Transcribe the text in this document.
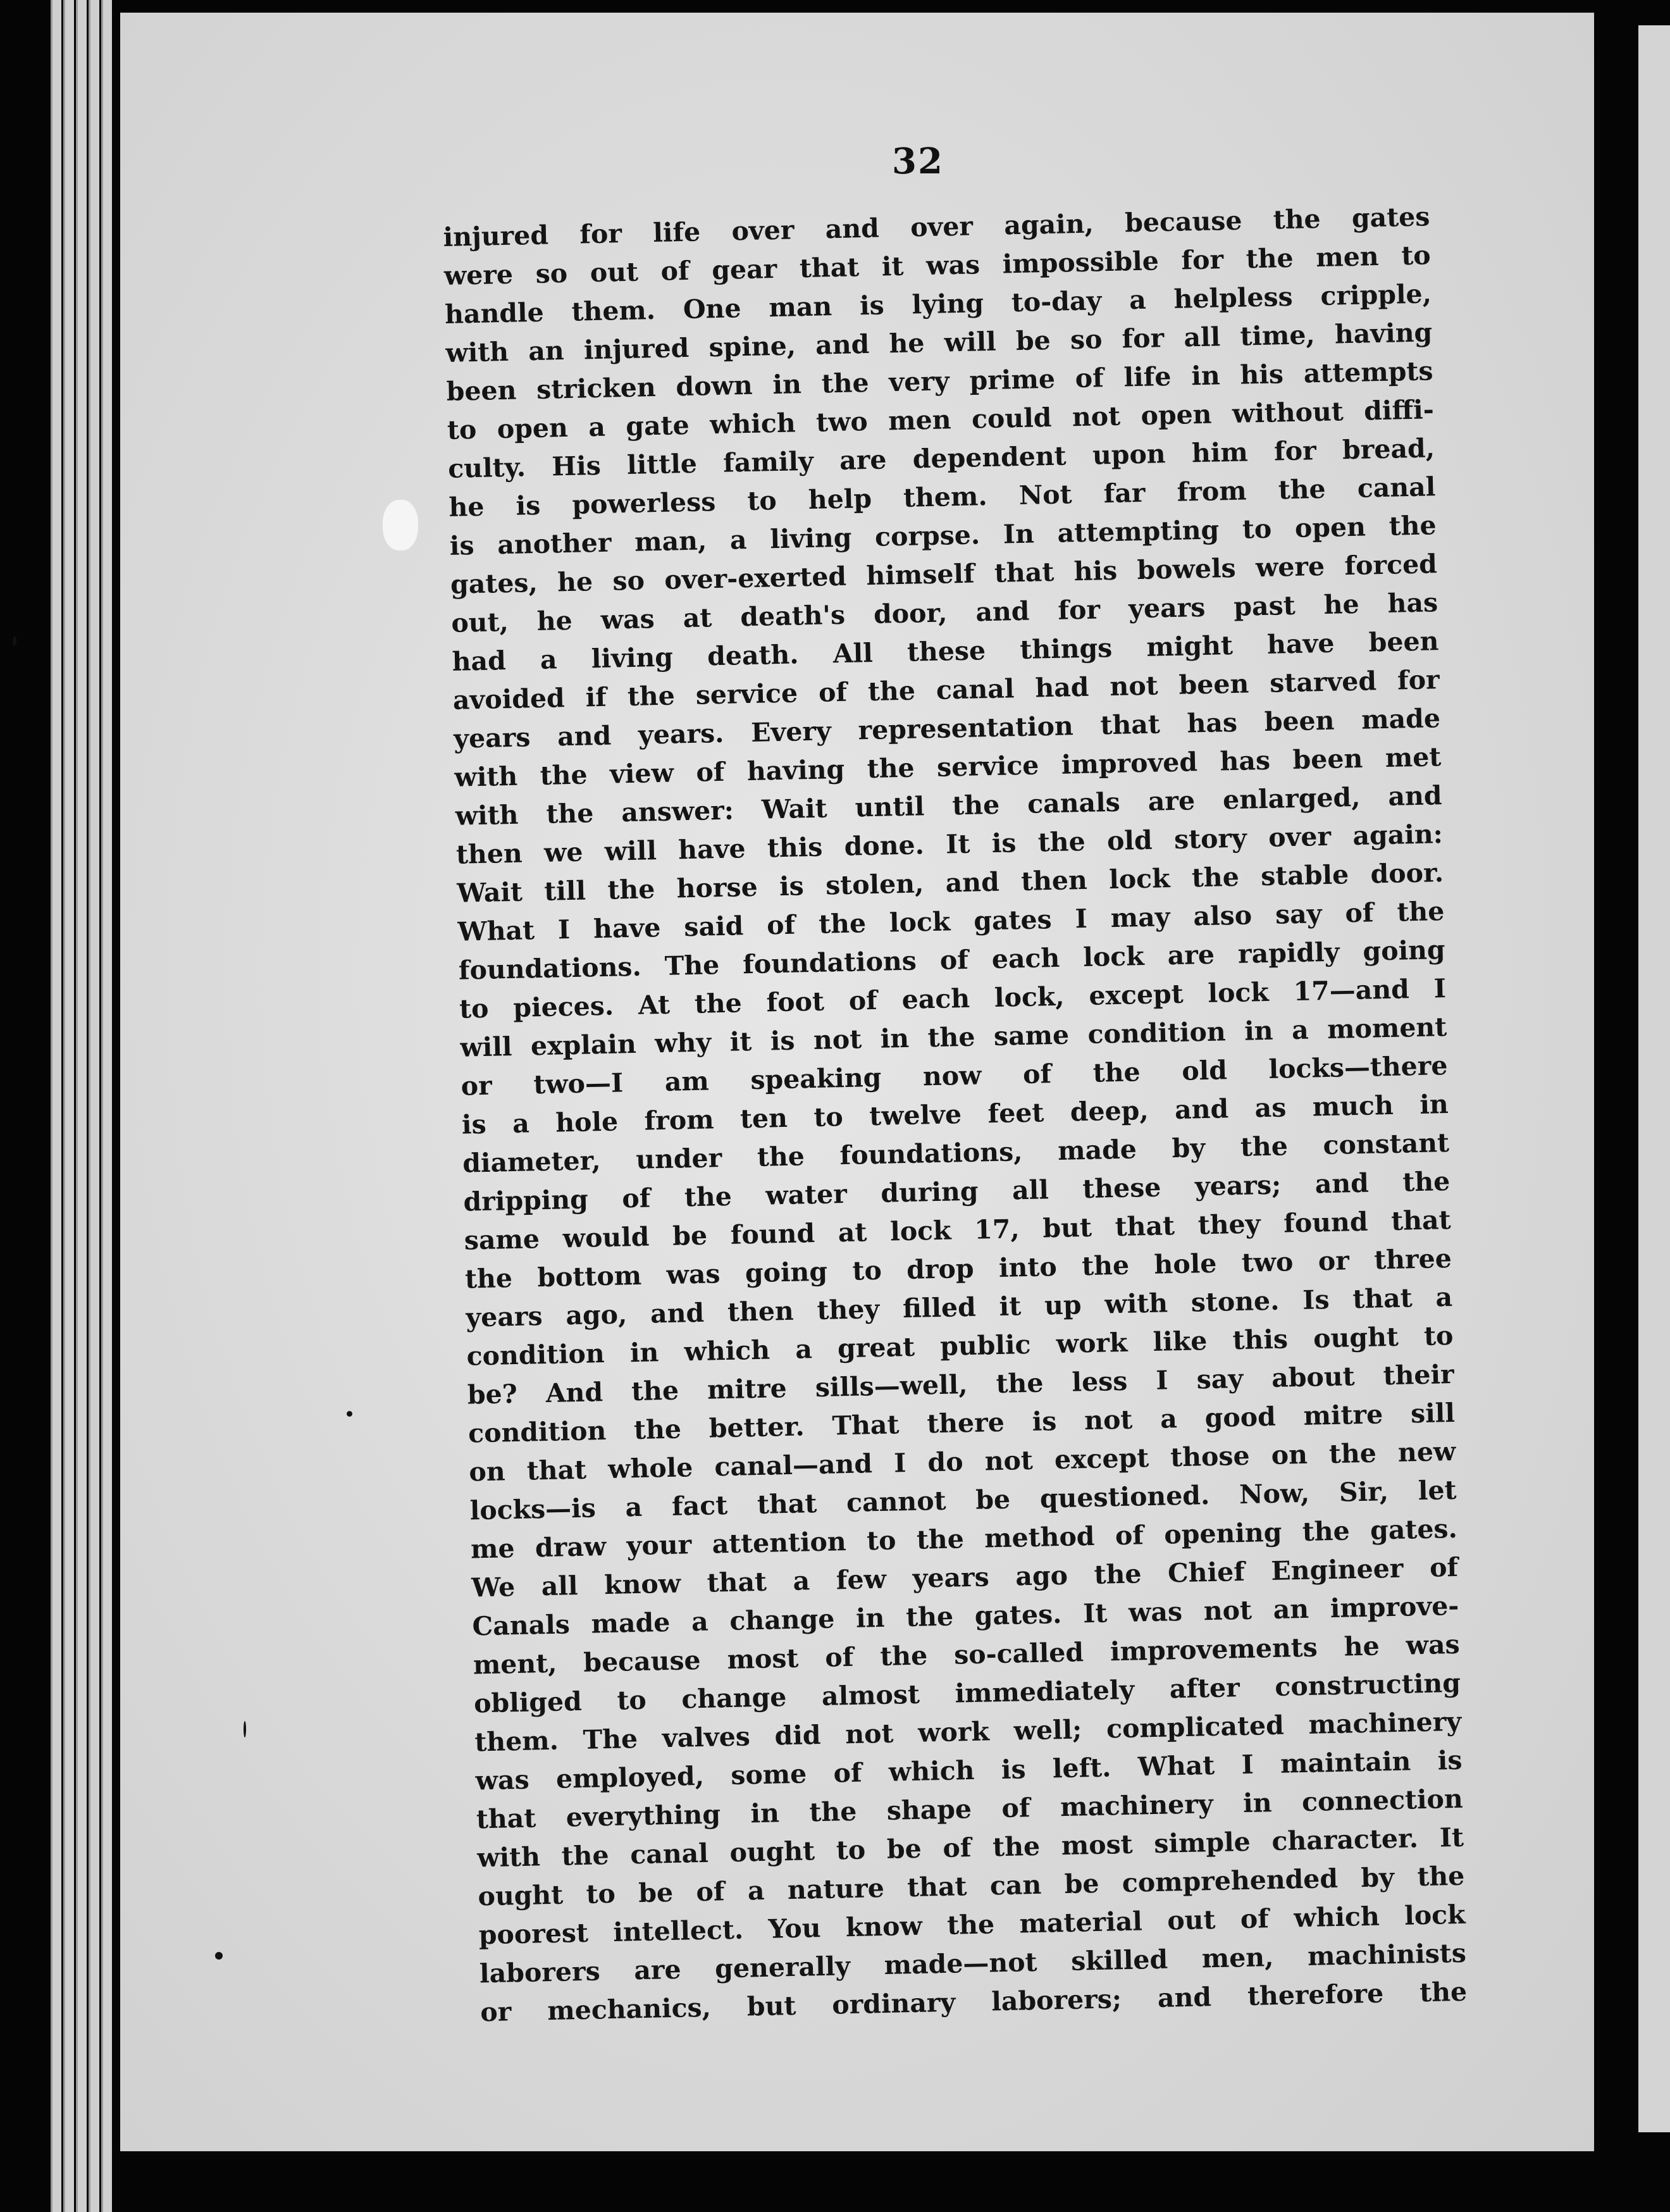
32
injured for life over and over again, because the gates
were so out of gear that it was impossible for the men to
handle them. One man is lying to-day a helpless cripple,
with an injured spine, and he will be so for all time, having
been stricken down in the very prime of life in his attempts
to open a gate which two men could not open without diffi-
culty. His little family are dependent upon him for bread,
he is powerless to help them. Not far from the canal
is another man, a living corpse. In attempting to open the
gates, he so over-exerted himself that his bowels were forced
out, he was at death's door, and for years past he has
had a living death. All these things might have been
avoided if the service of the canal had not been starved for
years and years. Every representation that has been made
with the view of having the service improved has been met
with the answer: Wait until the canals are enlarged, and
then we will have this done. It is the old story over again:
Wait till the horse is stolen, and then lock the stable door.
What I have said of the lock gates I may also say of the
foundations. The foundations of each lock are rapidly going
to pieces. At the foot of each lock, except lock 17—and I
will explain why it is not in the same condition in a moment
or two—I am speaking now of the old locks—there
is a hole from ten to twelve feet deep, and as much in
diameter, under the foundations, made by the constant
dripping of the water during all these years; and the
same would be found at lock 17, but that they found that
the bottom was going to drop into the hole two or three
years ago, and then they filled it up with stone. Is that a
condition in which a great public work like this ought to
be? And the mitre sills—well, the less I say about their
condition the better. That there is not a good mitre sill
on that whole canal—and I do not except those on the new
locks—is a fact that cannot be questioned. Now, Sir, let
me draw your attention to the method of opening the gates.
We all know that a few years ago the Chief Engineer of
Canals made a change in the gates. It was not an improve-
ment, because most of the so-called improvements he was
obliged to change almost immediately after constructing
them. The valves did not work well; complicated machinery
was employed, some of which is left. What I maintain is
that everything in the shape of machinery in connection
with the canal ought to be of the most simple character. It
ought to be of a nature that can be comprehended by the
poorest intellect. You know the material out of which lock
laborers are generally made—not skilled men, machinists
or mechanics, but ordinary laborers; and therefore the
